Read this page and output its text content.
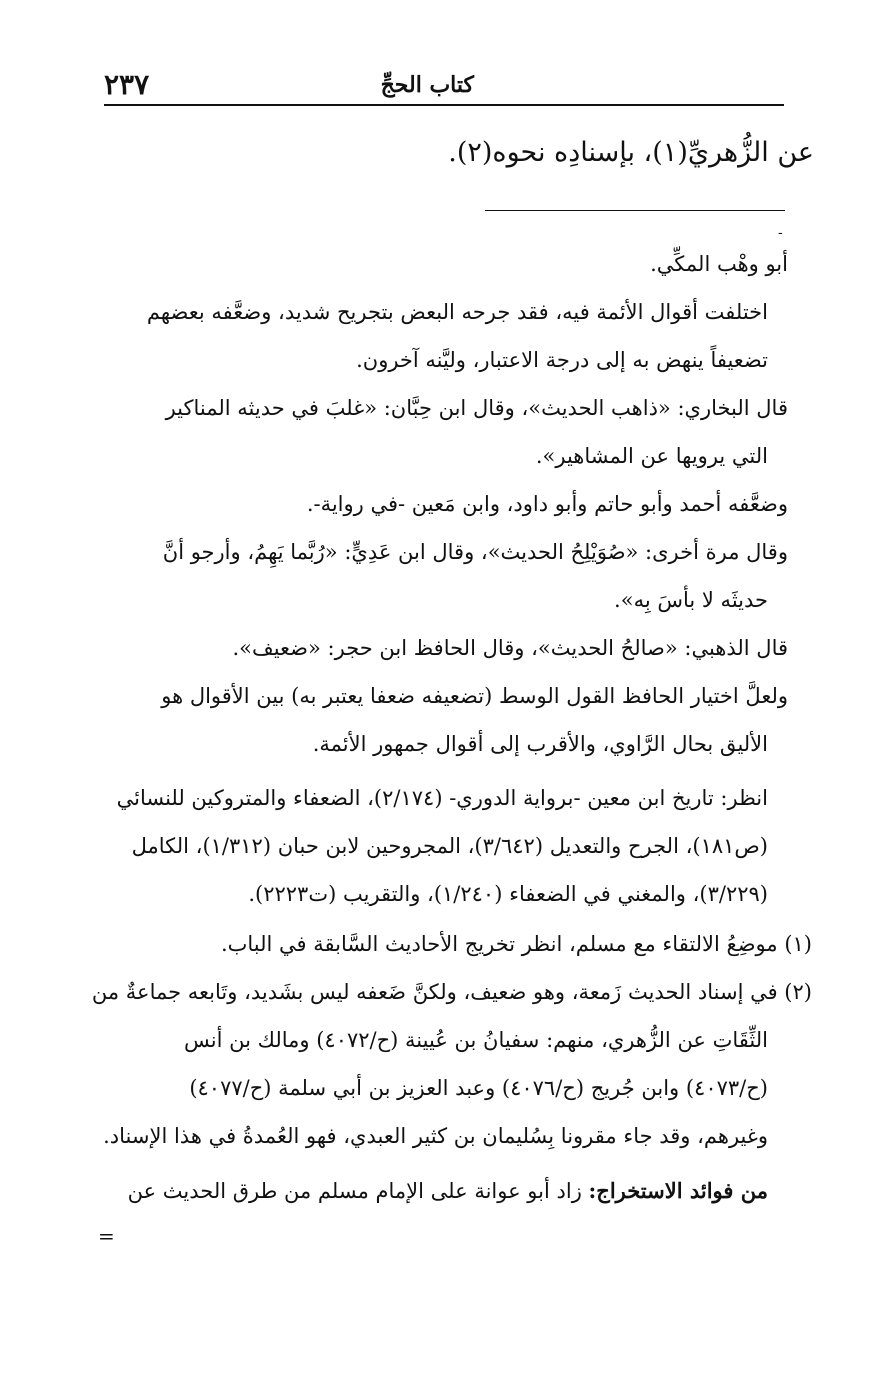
كتاب الحجِّ
٢٣٧
عن الزُّهريِّ(١)، بإسنادِه نحوه(٢).
-
أبو وهْب المكِّي.
اختلفت أقوال الأئمة فيه، فقد جرحه البعض بتجريح شديد، وضعَّفه بعضهم
تضعيفاً ينهض به إلى درجة الاعتبار، وليَّنه آخرون.
قال البخاري: «ذاهب الحديث»، وقال ابن حِبَّان: «غلبَ في حديثه المناكير
التي يرويها عن المشاهير».
وضعَّفه أحمد وأبو حاتم وأبو داود، وابن مَعين -في رواية-.
وقال مرة أخرى: «صُوَيْلِحُ الحديث»، وقال ابن عَدِيٍّ: «رُبَّما يَهِمُ، وأرجو أنَّ
حديثَه لا بأسَ بِه».
قال الذهبي: «صالحُ الحديث»، وقال الحافظ ابن حجر: «ضعيف».
ولعلَّ اختيار الحافظ القول الوسط (تضعيفه ضعفا يعتبر به) بين الأقوال هو
الأليق بحال الرَّاوي، والأقرب إلى أقوال جمهور الأئمة.
انظر: تاريخ ابن معين -برواية الدوري- (٢/١٧٤)، الضعفاء والمتروكين للنسائي
(ص١٨١)، الجرح والتعديل (٣/٦٤٢)، المجروحين لابن حبان (١/٣١٢)، الكامل
(٣/٢٢٩)، والمغني في الضعفاء (١/٢٤٠)، والتقريب (ت٢٢٢٣).
(١) موضِعُ الالتقاء مع مسلم، انظر تخريج الأحاديث السَّابقة في الباب.
(٢) في إسناد الحديث زَمعة، وهو ضعيف، ولكنَّ ضَعفه ليس بشَديد، وتَابعه جماعةٌ من
الثِّقَاتِ عن الزُّهري، منهم: سفيانُ بن عُيينة (ح/٤٠٧٢) ومالك بن أنس
(ح/٤٠٧٣) وابن جُريج (ح/٤٠٧٦) وعبد العزيز بن أبي سلمة (ح/٤٠٧٧)
وغيرهم، وقد جاء مقرونا بِسُليمان بن كثير العبدي، فهو العُمدةُ في هذا الإسناد.
من فوائد الاستخراج: زاد أبو عوانة على الإمام مسلم من طرق الحديث عن
=
